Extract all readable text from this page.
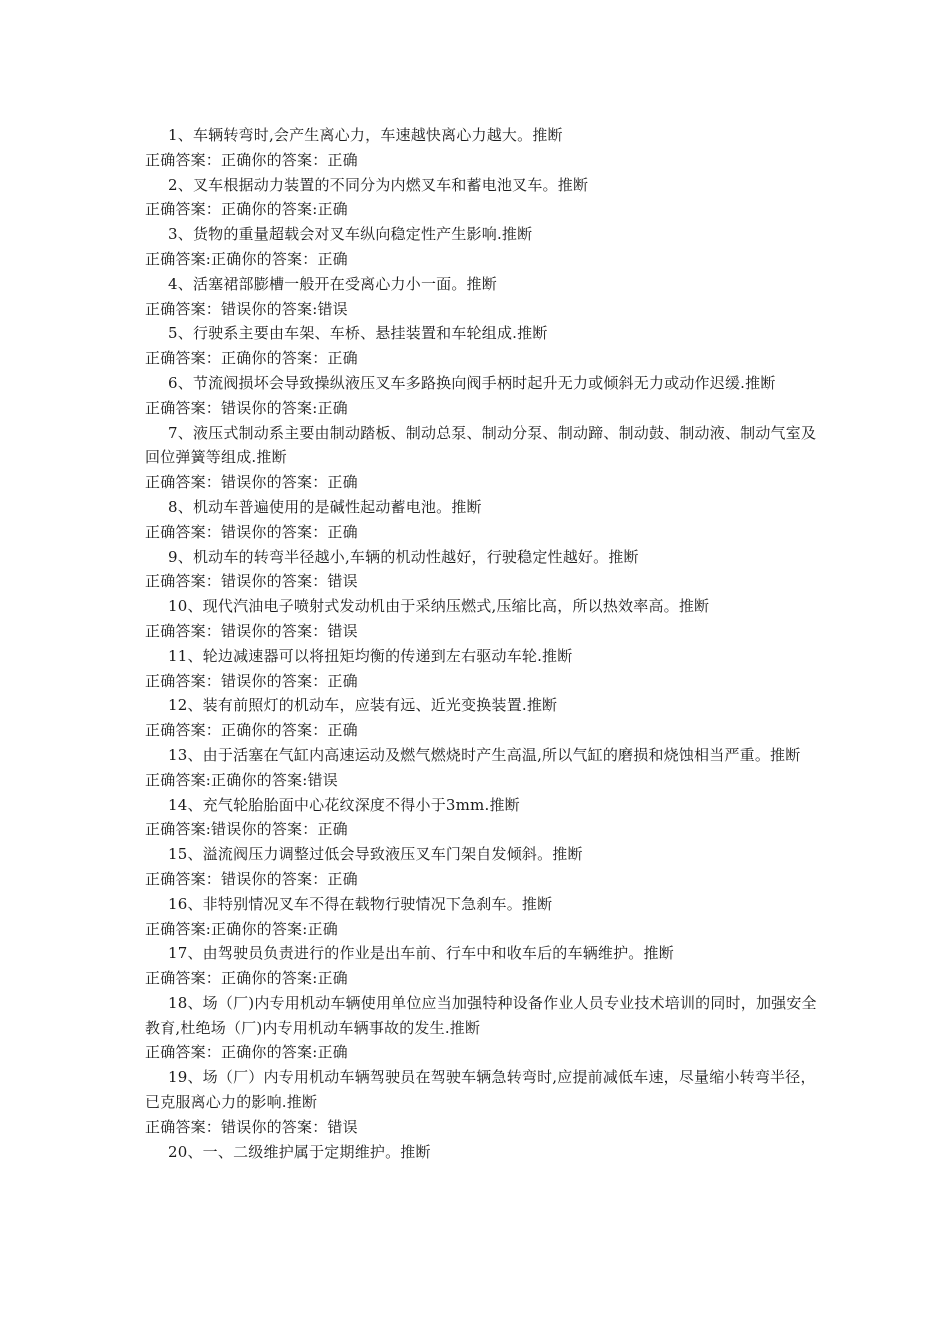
1、车辆转弯时,会产生离心力，车速越快离心力越大。推断

正确答案：正确你的答案：正确

2、叉车根据动力装置的不同分为内燃叉车和蓄电池叉车。推断

正确答案：正确你的答案:正确

3、货物的重量超载会对叉车纵向稳定性产生影响.推断

正确答案:正确你的答案：正确

4、活塞裙部膨槽一般开在受离心力小一面。推断

正确答案：错误你的答案:错误

5、行驶系主要由车架、车桥、悬挂装置和车轮组成.推断

正确答案：正确你的答案：正确

6、节流阀损坏会导致操纵液压叉车多路换向阀手柄时起升无力或倾斜无力或动作迟缓.推断

正确答案：错误你的答案:正确

7、液压式制动系主要由制动踏板、制动总泵、制动分泵、制动蹄、制动鼓、制动液、制动气室及回位弹簧等组成.推断

正确答案：错误你的答案：正确

8、机动车普遍使用的是碱性起动蓄电池。推断

正确答案：错误你的答案：正确

9、机动车的转弯半径越小,车辆的机动性越好，行驶稳定性越好。推断

正确答案：错误你的答案：错误

10、现代汽油电子喷射式发动机由于采纳压燃式,压缩比高，所以热效率高。推断

正确答案：错误你的答案：错误

11、轮边减速器可以将扭矩均衡的传递到左右驱动车轮.推断

正确答案：错误你的答案：正确

12、装有前照灯的机动车，应装有远、近光变换装置.推断

正确答案：正确你的答案：正确

13、由于活塞在气缸内高速运动及燃气燃烧时产生高温,所以气缸的磨损和烧蚀相当严重。推断

正确答案:正确你的答案:错误

14、充气轮胎胎面中心花纹深度不得小于3mm.推断

正确答案:错误你的答案：正确

15、溢流阀压力调整过低会导致液压叉车门架自发倾斜。推断

正确答案：错误你的答案：正确

16、非特别情况叉车不得在载物行驶情况下急刹车。推断

正确答案:正确你的答案:正确

17、由驾驶员负责进行的作业是出车前、行车中和收车后的车辆维护。推断

正确答案：正确你的答案:正确

18、场（厂)内专用机动车辆使用单位应当加强特种设备作业人员专业技术培训的同时，加强安全教育,杜绝场（厂)内专用机动车辆事故的发生.推断

正确答案：正确你的答案:正确

19、场（厂）内专用机动车辆驾驶员在驾驶车辆急转弯时,应提前减低车速，尽量缩小转弯半径，已克服离心力的影响.推断

正确答案：错误你的答案：错误

20、一、二级维护属于定期维护。推断
